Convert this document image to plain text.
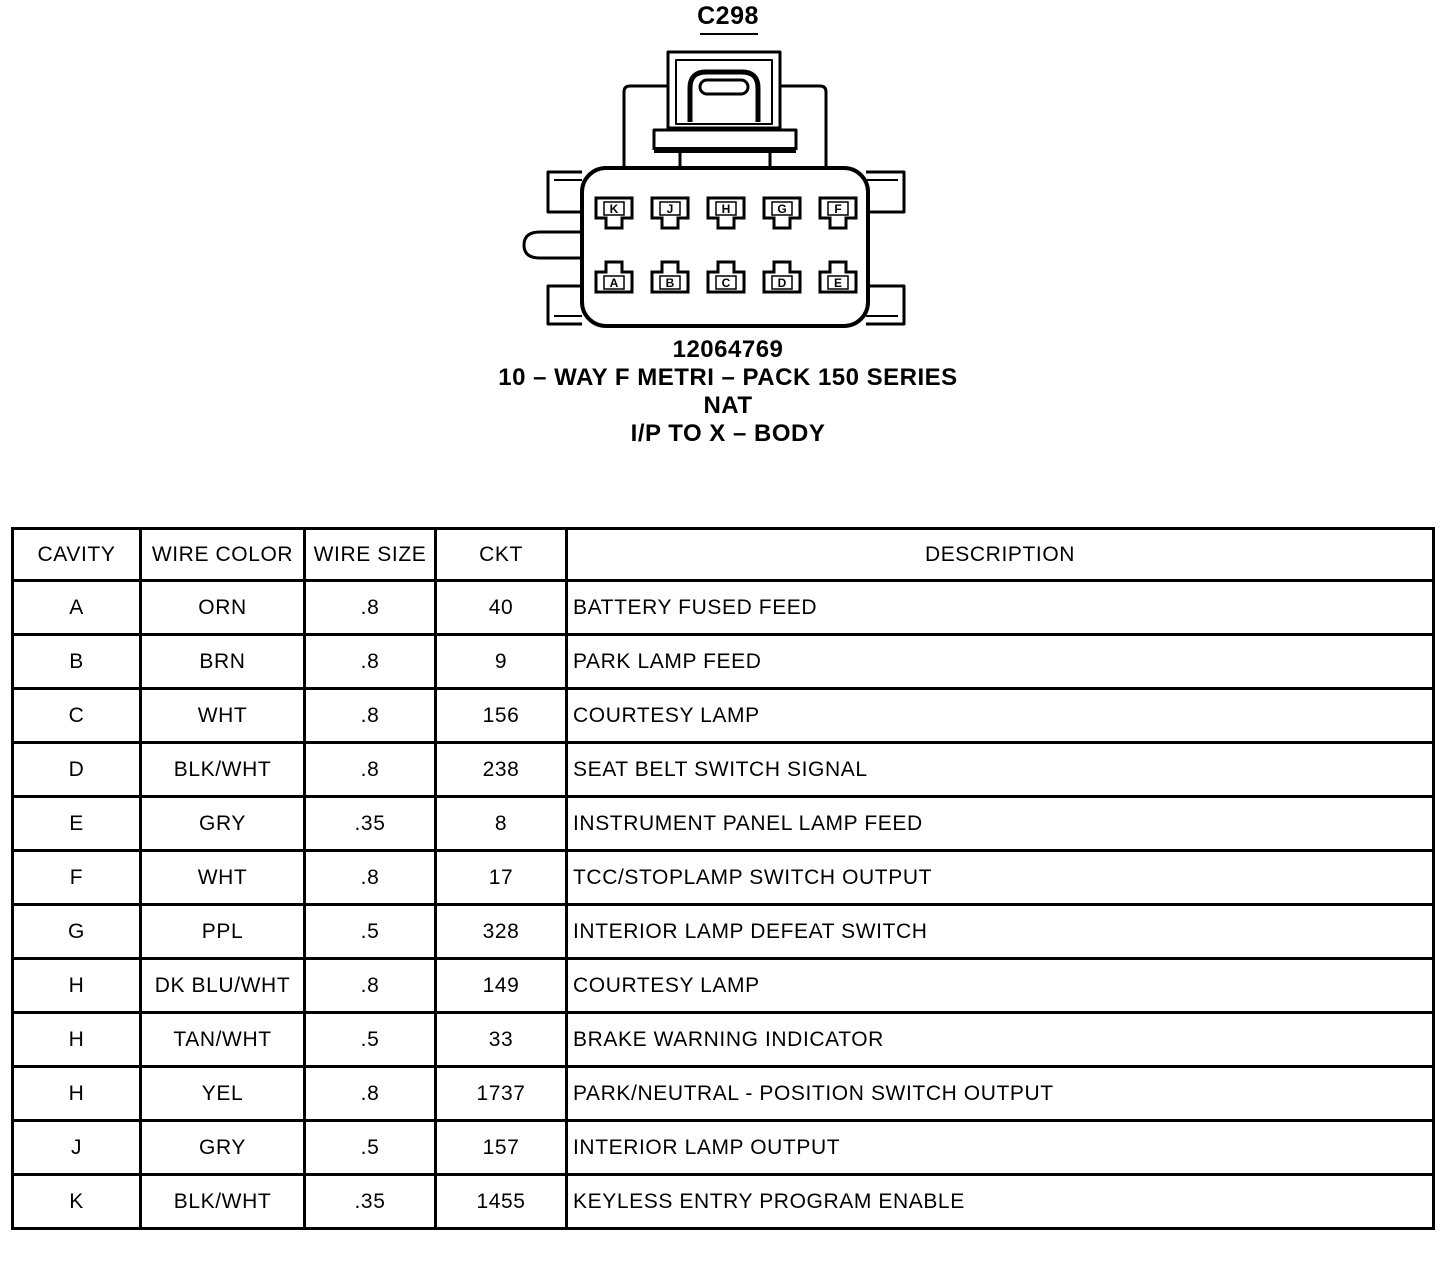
C298
K	J	H	G	F
A	B	C	D	E
12064769
10 – WAY F METRI – PACK 150 SERIES
NAT
I/P TO X – BODY
CAVITY	WIRE COLOR	WIRE SIZE	CKT	DESCRIPTION
A	ORN	.8	40	BATTERY FUSED FEED
B	BRN	.8	9	PARK LAMP FEED
C	WHT	.8	156	COURTESY LAMP
D	BLK/WHT	.8	238	SEAT BELT SWITCH SIGNAL
E	GRY	.35	8	INSTRUMENT PANEL LAMP FEED
F	WHT	.8	17	TCC/STOPLAMP SWITCH OUTPUT
G	PPL	.5	328	INTERIOR LAMP DEFEAT SWITCH
H	DK BLU/WHT	.8	149	COURTESY LAMP
H	TAN/WHT	.5	33	BRAKE WARNING INDICATOR
H	YEL	.8	1737	PARK/NEUTRAL - POSITION SWITCH OUTPUT
J	GRY	.5	157	INTERIOR LAMP OUTPUT
K	BLK/WHT	.35	1455	KEYLESS ENTRY PROGRAM ENABLE
